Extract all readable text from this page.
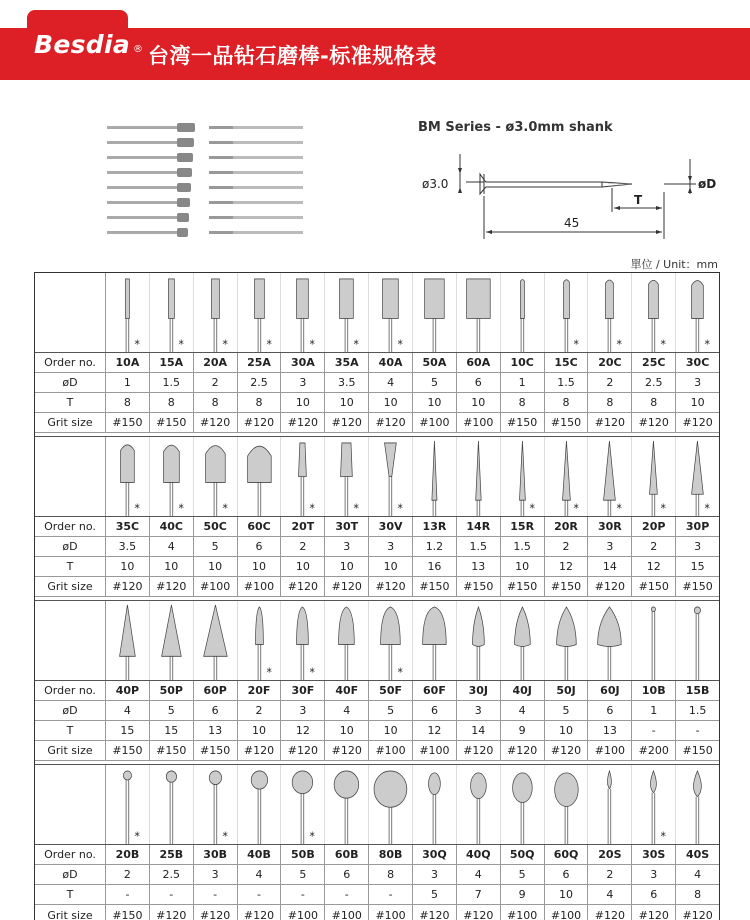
Besdia ® 台湾一品钻石磨棒-标准规格表
BM Series - ø3.0mm shank
ø3.0	øD
T
45
單位 / Unit：mm
*	*	*	*	*	*	*	*	*	*	*
Order no.	10A	15A	20A	25A	30A	35A	40A	50A	60A	10C	15C	20C	25C	30C
øD	1	1.5	2	2.5	3	3.5	4	5	6	1	1.5	2	2.5	3
T	8	8	8	8	10	10	10	10	10	8	8	8	8	10
Grit size	#150	#150	#120	#120	#120	#120	#120	#100	#100	#150	#150	#120	#120	#120
*	*	*	*	*	*	*	*	*	*	*
Order no.	35C	40C	50C	60C	20T	30T	30V	13R	14R	15R	20R	30R	20P	30P
øD	3.5	4	5	6	2	3	3	1.2	1.5	1.5	2	3	2	3
T	10	10	10	10	10	10	10	16	13	10	12	14	12	15
Grit size	#120	#120	#100	#100	#120	#120	#120	#150	#150	#150	#150	#120	#150	#150
*	*	*
Order no.	40P	50P	60P	20F	30F	40F	50F	60F	30J	40J	50J	60J	10B	15B
øD	4	5	6	2	3	4	5	6	3	4	5	6	1	1.5
T	15	15	13	10	12	10	10	12	14	9	10	13	-	-
Grit size	#150	#150	#150	#120	#120	#120	#100	#100	#120	#120	#120	#100	#200	#150
*	*	*	*
Order no.	20B	25B	30B	40B	50B	60B	80B	30Q	40Q	50Q	60Q	20S	30S	40S
øD	2	2.5	3	4	5	6	8	3	4	5	6	2	3	4
T	-	-	-	-	-	-	-	5	7	9	10	4	6	8
Grit size	#150	#120	#120	#120	#100	#100	#100	#120	#120	#100	#100	#120	#120	#120
